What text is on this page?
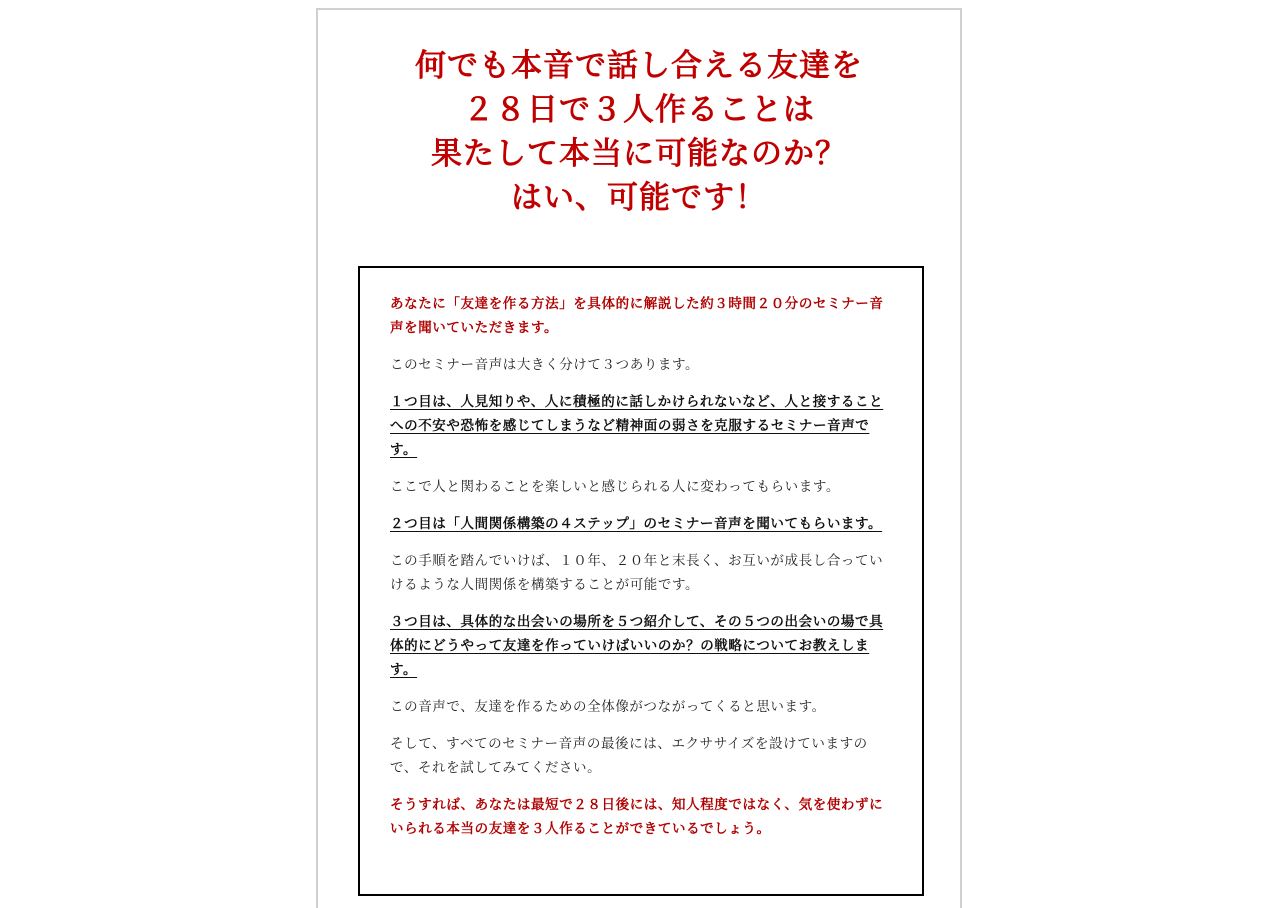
何でも本音で話し合える友達を
２８日で３人作ることは
果たして本当に可能なのか？
はい、可能です！

あなたに「友達を作る方法」を具体的に解説した約３時間２０分のセミナー音声を聞いていただきます。

このセミナー音声は大きく分けて３つあります。

１つ目は、人見知りや、人に積極的に話しかけられないなど、人と接することへの不安や恐怖を感じてしまうなど精神面の弱さを克服するセミナー音声です。

ここで人と関わることを楽しいと感じられる人に変わってもらいます。

２つ目は「人間関係構築の４ステップ」のセミナー音声を聞いてもらいます。

この手順を踏んでいけば、１０年、２０年と末長く、お互いが成長し合っていけるような人間関係を構築することが可能です。

３つ目は、具体的な出会いの場所を５つ紹介して、その５つの出会いの場で具体的にどうやって友達を作っていけばいいのか？の戦略についてお教えします。

この音声で、友達を作るための全体像がつながってくると思います。

そして、すべてのセミナー音声の最後には、エクササイズを設けていますので、それを試してみてください。

そうすれば、あなたは最短で２８日後には、知人程度ではなく、気を使わずにいられる本当の友達を３人作ることができているでしょう。
